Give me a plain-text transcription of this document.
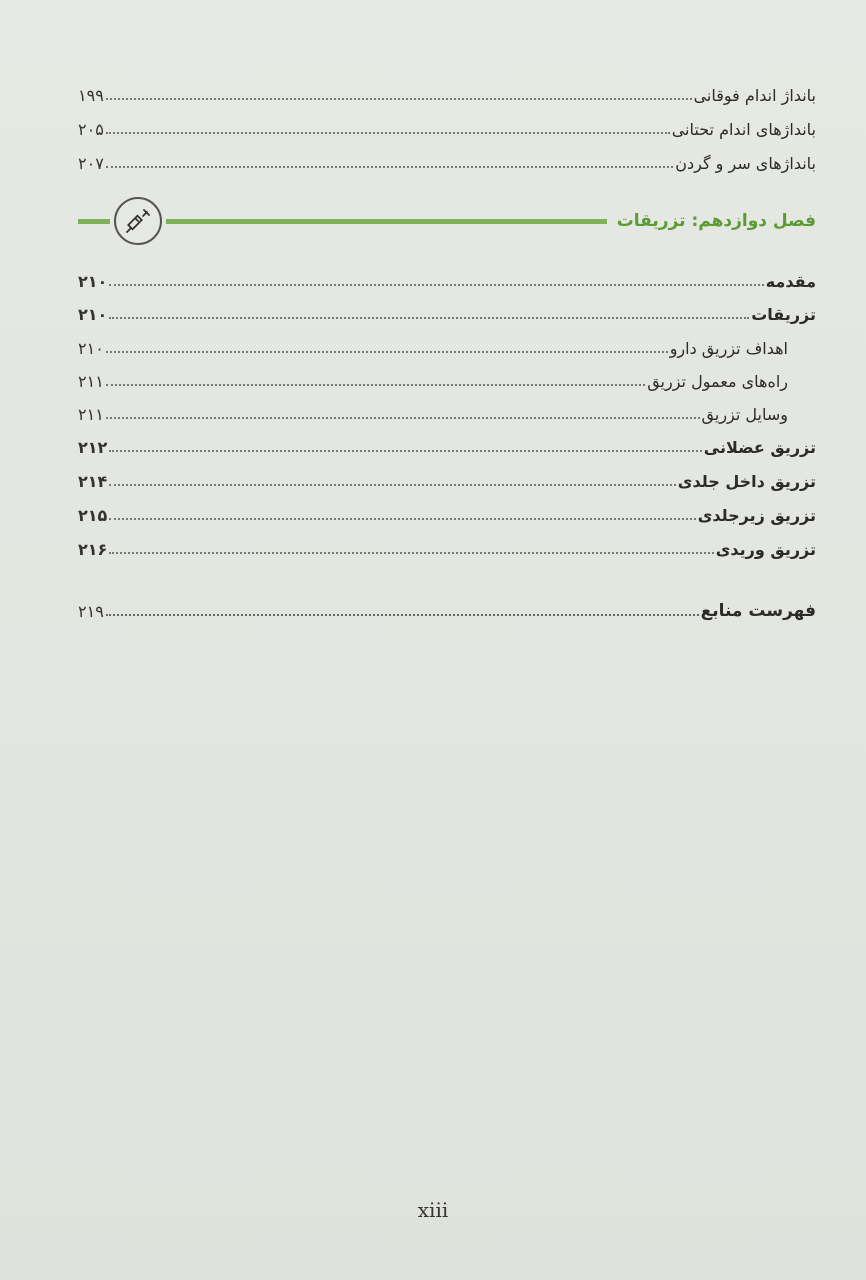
۱۹۹	بانداژ اندام فوقانی
۲۰۵	بانداژهای اندام تحتانی
۲۰۷	بانداژهای سر و گردن
فصل دوازدهم: تزریقات
۲۱۰	مقدمه
۲۱۰	تزریقات
۲۱۰	اهداف تزریق دارو
۲۱۱	راه‌های معمول تزریق
۲۱۱	وسایل تزریق
۲۱۲	تزریق عضلانی
۲۱۴	تزریق داخل جلدی
۲۱۵	تزریق زیرجلدی
۲۱۶	تزریق وریدی
۲۱۹	فهرست منابع
xiii
